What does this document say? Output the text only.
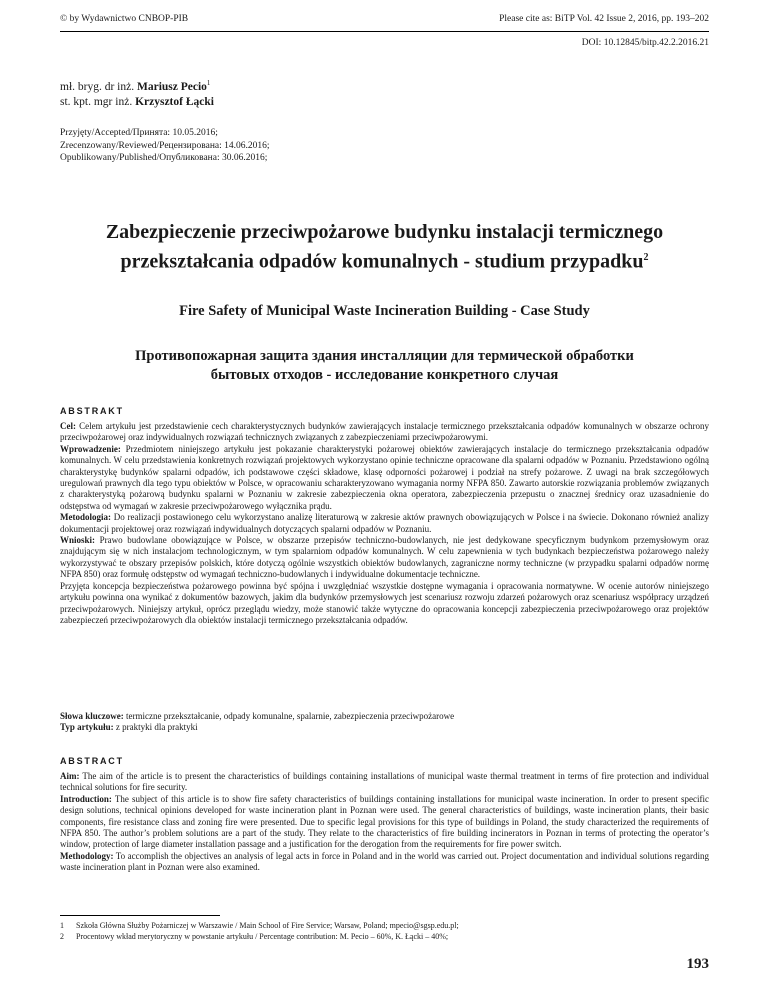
© by Wydawnictwo CNBOP-PIB	Please cite as: BiTP Vol. 42 Issue 2, 2016, pp. 193–202
DOI: 10.12845/bitp.42.2.2016.21
mł. bryg. dr inż. Mariusz Pecio$^1$
st. kpt. mgr inż. Krzysztof Łącki
Przyjęty/Accepted/Принята: 10.05.2016;
Zrecenzowany/Reviewed/Рецензирована: 14.06.2016;
Opublikowany/Published/Опубликована: 30.06.2016;
Zabezpieczenie przeciwpożarowe budynku instalacji termicznego
przekształcania odpadów komunalnych - studium przypadku$^2$
Fire Safety of Municipal Waste Incineration Building - Case Study
Противопожарная защита здания инсталляции для термической обработки
бытовых отходов - исследование конкретного случая
ABSTRAKT

Cel: Celem artykułu jest przedstawienie cech charakterystycznych budynków zawierających instalacje termicznego przekształcania odpadów komunalnych w obszarze ochrony przeciwpożarowej oraz indywidualnych rozwiązań technicznych związanych z zabezpieczeniami przeciwpożarowymi.

Wprowadzenie: Przedmiotem niniejszego artykułu jest pokazanie charakterystyki pożarowej obiektów zawierających instalacje do termicznego przekształcania odpadów komunalnych. W celu przedstawienia konkretnych rozwiązań projektowych wykorzystano opinie techniczne opracowane dla spalarni odpadów w Poznaniu. Przedstawiono ogólną charakterystykę budynków spalarni odpadów, ich podstawowe części składowe, klasę odporności pożarowej i podział na strefy pożarowe. Z uwagi na brak szczegółowych uregulowań prawnych dla tego typu obiektów w Polsce, w opracowaniu scharakteryzowano wymagania normy NFPA 850. Zawarto autorskie rozwiązania problemów związanych z charakterystyką pożarową budynku spalarni w Poznaniu w zakresie zabezpieczenia okna operatora, zabezpieczenia przepustu o znacznej średnicy oraz uzasadnienie do odstępstwa od wymagań w zakresie przeciwpożarowego wyłącznika prądu.

Metodologia: Do realizacji postawionego celu wykorzystano analizę literaturową w zakresie aktów prawnych obowiązujących w Polsce i na świecie. Dokonano również analizy dokumentacji projektowej oraz rozwiązań indywidualnych dotyczących spalarni odpadów w Poznaniu.

Wnioski: Prawo budowlane obowiązujące w Polsce, w obszarze przepisów techniczno-budowlanych, nie jest dedykowane specyficznym budynkom przemysłowym oraz znajdującym się w nich instalacjom technologicznym, w tym spalarniom odpadów komunalnych. W celu zapewnienia w tych budynkach bezpieczeństwa pożarowego należy wykorzystywać te obszary przepisów polskich, które dotyczą ogólnie wszystkich obiektów budowlanych, zagraniczne normy techniczne (w przypadku spalarni odpadów normę NFPA 850) oraz formułę odstępstw od wymagań techniczno-budowlanych i indywidualne dokumentacje techniczne.

Przyjęta koncepcja bezpieczeństwa pożarowego powinna być spójna i uwzględniać wszystkie dostępne wymagania i opracowania normatywne. W ocenie autorów niniejszego artykułu powinna ona wynikać z dokumentów bazowych, jakim dla budynków przemysłowych jest scenariusz rozwoju zdarzeń pożarowych oraz scenariusz współpracy urządzeń przeciwpożarowych. Niniejszy artykuł, oprócz przeglądu wiedzy, może stanowić także wytyczne do opracowania koncepcji zabezpieczenia przeciwpożarowego oraz projektów zabezpieczeń przeciwpożarowych dla obiektów instalacji termicznego przekształcania odpadów.

Słowa kluczowe: termiczne przekształcanie, odpady komunalne, spalarnie, zabezpieczenia przeciwpożarowe

Typ artykułu: z praktyki dla praktyki

ABSTRACT

Aim: The aim of the article is to present the characteristics of buildings containing installations of municipal waste thermal treatment in terms of fire protection and individual technical solutions for fire security.

Introduction: The subject of this article is to show fire safety characteristics of buildings containing installations for municipal waste incineration. In order to present specific design solutions, technical opinions developed for waste incineration plant in Poznan were used. The general characteristics of buildings, waste incineration plants, their basic components, fire resistance class and zoning fire were presented. Due to specific legal provisions for this type of buildings in Poland, the study characterized the requirements of NFPA 850. The author’s problem solutions are a part of the study. They relate to the characteristics of fire building incinerators in Poznan in terms of protecting the operator’s window, protection of large diameter installation passage and a justification for the derogation from the requirements for fire power switch.

Methodology: To accomplish the objectives an analysis of legal acts in force in Poland and in the world was carried out. Project documentation and individual solutions regarding waste incineration plant in Poznan were also examined.

1	Szkoła Główna Służby Pożarniczej w Warszawie / Main School of Fire Service; Warsaw, Poland; mpecio@sgsp.edu.pl;
2	Procentowy wkład merytoryczny w powstanie artykułu / Percentage contribution: M. Pecio – 60%, K. Łącki – 40%;
193
